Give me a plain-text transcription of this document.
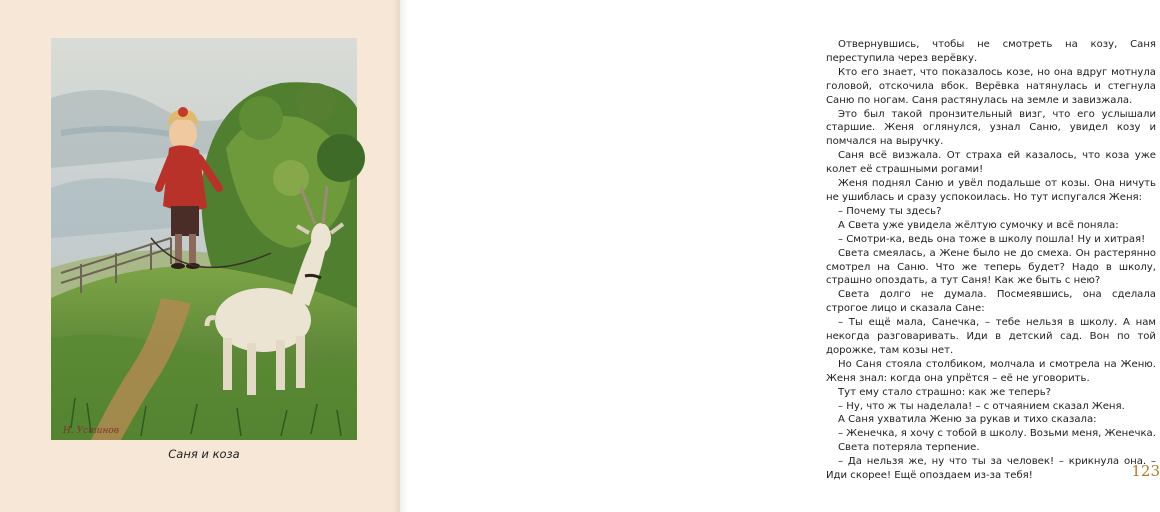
Н. Устинов
Саня и коза

Отвернувшись, чтобы не смотреть на козу, Саня переступила через верёвку.

Кто его знает, что показалось козе, но она вдруг мотнула головой, отскочила вбок. Верёвка натянулась и стегнула Саню по ногам. Саня растянулась на земле и завизжала.

Это был такой пронзительный визг, что его услышали старшие. Женя оглянулся, узнал Саню, увидел козу и помчался на выручку.

Саня всё визжала. От страха ей казалось, что коза уже колет её страшными рогами!

Женя поднял Саню и увёл подальше от козы. Она ничуть не ушиблась и сразу успокоилась. Но тут испугался Женя:

– Почему ты здесь?

А Света уже увидела жёлтую сумочку и всё поняла:

– Смотри-ка, ведь она тоже в школу пошла! Ну и хитрая!

Света смеялась, а Жене было не до смеха. Он растерянно смотрел на Саню. Что же теперь будет? Надо в школу, страшно опоздать, а тут Саня! Как же быть с нею?

Света долго не думала. Посмеявшись, она сделала строгое лицо и сказала Сане:

– Ты ещё мала, Санечка, – тебе нельзя в школу. А нам некогда разговаривать. Иди в детский сад. Вон по той дорожке, там козы нет.

Но Саня стояла столбиком, молчала и смотрела на Женю. Женя знал: когда она упрётся – её не уговорить.

Тут ему стало страшно: как же теперь?

– Ну, что ж ты наделала! – с отчаянием сказал Женя.

А Саня ухватила Женю за рукав и тихо сказала:

– Женечка, я хочу с тобой в школу. Возьми меня, Женечка.

Света потеряла терпение.

– Да нельзя же, ну что ты за человек! – крикнула она. – Иди скорее! Ещё опоздаем из-за тебя!	123
